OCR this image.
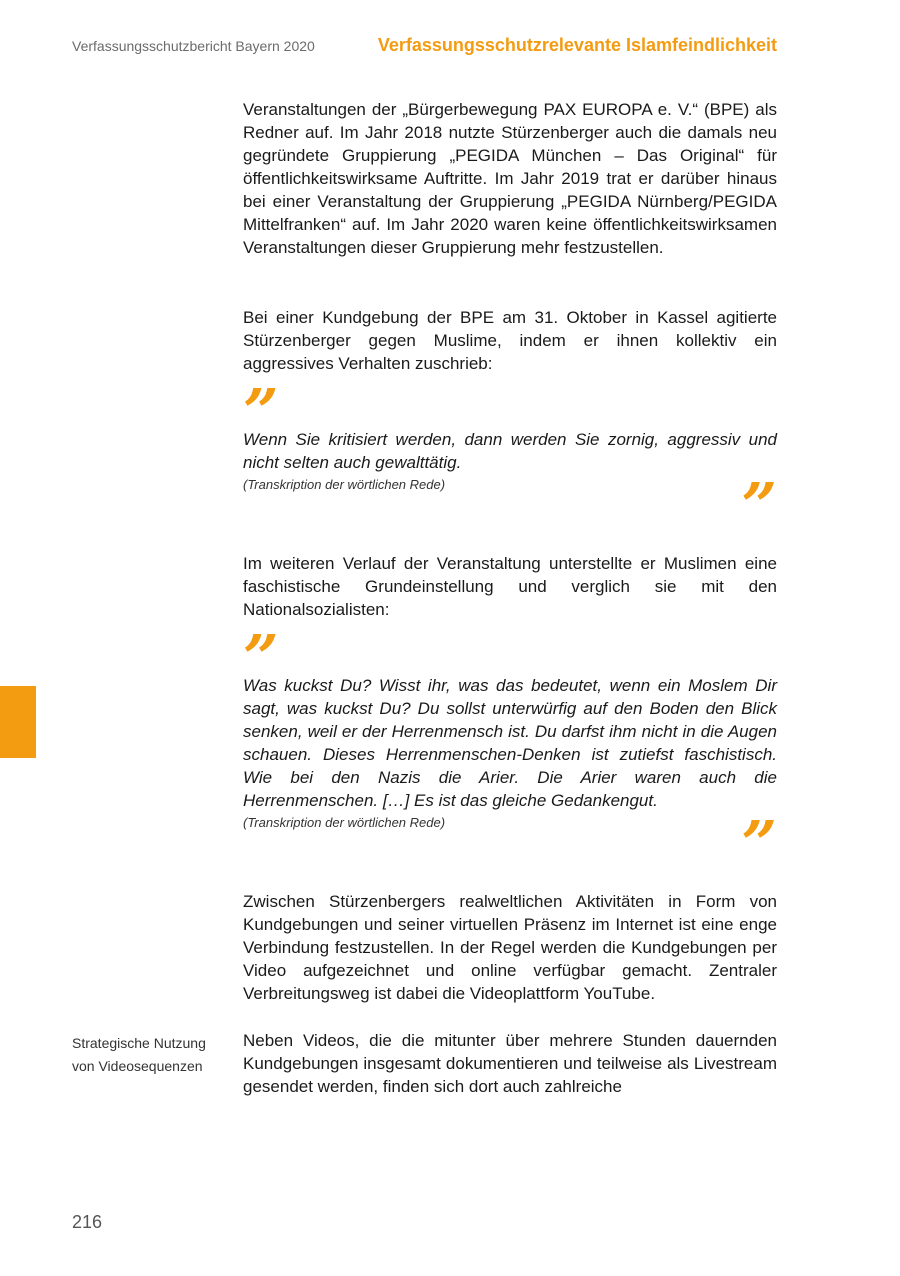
Verfassungsschutzbericht Bayern 2020	Verfassungsschutzrelevante Islamfeindlichkeit

Veranstaltungen der „Bürgerbewegung PAX EUROPA e. V.“ (BPE) als Redner auf. Im Jahr 2018 nutzte Stürzenberger auch die damals neu gegründete Gruppierung „PEGIDA München – Das Original“ für öffentlichkeitswirksame Auftritte. Im Jahr 2019 trat er darüber hinaus bei einer Veranstaltung der Gruppierung „PEGIDA Nürnberg/PEGIDA Mittelfranken“ auf. Im Jahr 2020 waren keine öffentlichkeitswirksamen Veranstaltungen dieser Gruppierung mehr festzustellen.

Bei einer Kundgebung der BPE am 31. Oktober in Kassel agitierte Stürzenberger gegen Muslime, indem er ihnen kollektiv ein aggressives Verhalten zuschrieb:

”

Wenn Sie kritisiert werden, dann werden Sie zornig, aggressiv und nicht selten auch gewalttätig.

(Transkription der wörtlichen Rede)	”

Im weiteren Verlauf der Veranstaltung unterstellte er Muslimen eine faschistische Grundeinstellung und verglich sie mit den Nationalsozialisten:

”

Was kuckst Du? Wisst ihr, was das bedeutet, wenn ein Moslem Dir sagt, was kuckst Du? Du sollst unterwürfig auf den Boden den Blick senken, weil er der Herrenmensch ist. Du darfst ihm nicht in die Augen schauen. Dieses Herrenmenschen-Denken ist zutiefst faschistisch. Wie bei den Nazis die Arier. Die Arier waren auch die Herrenmenschen. […] Es ist das gleiche Gedankengut.

(Transkription der wörtlichen Rede)	”

Zwischen Stürzenbergers realweltlichen Aktivitäten in Form von Kundgebungen und seiner virtuellen Präsenz im Internet ist eine enge Verbindung festzustellen. In der Regel werden die Kundgebungen per Video aufgezeichnet und online verfügbar gemacht. Zentraler Verbreitungsweg ist dabei die Videoplattform YouTube.

Strategische Nutzung von Videosequenzen

Neben Videos, die die mitunter über mehrere Stunden dauernden Kundgebungen insgesamt dokumentieren und teilweise als Livestream gesendet werden, finden sich dort auch zahlreiche

216
